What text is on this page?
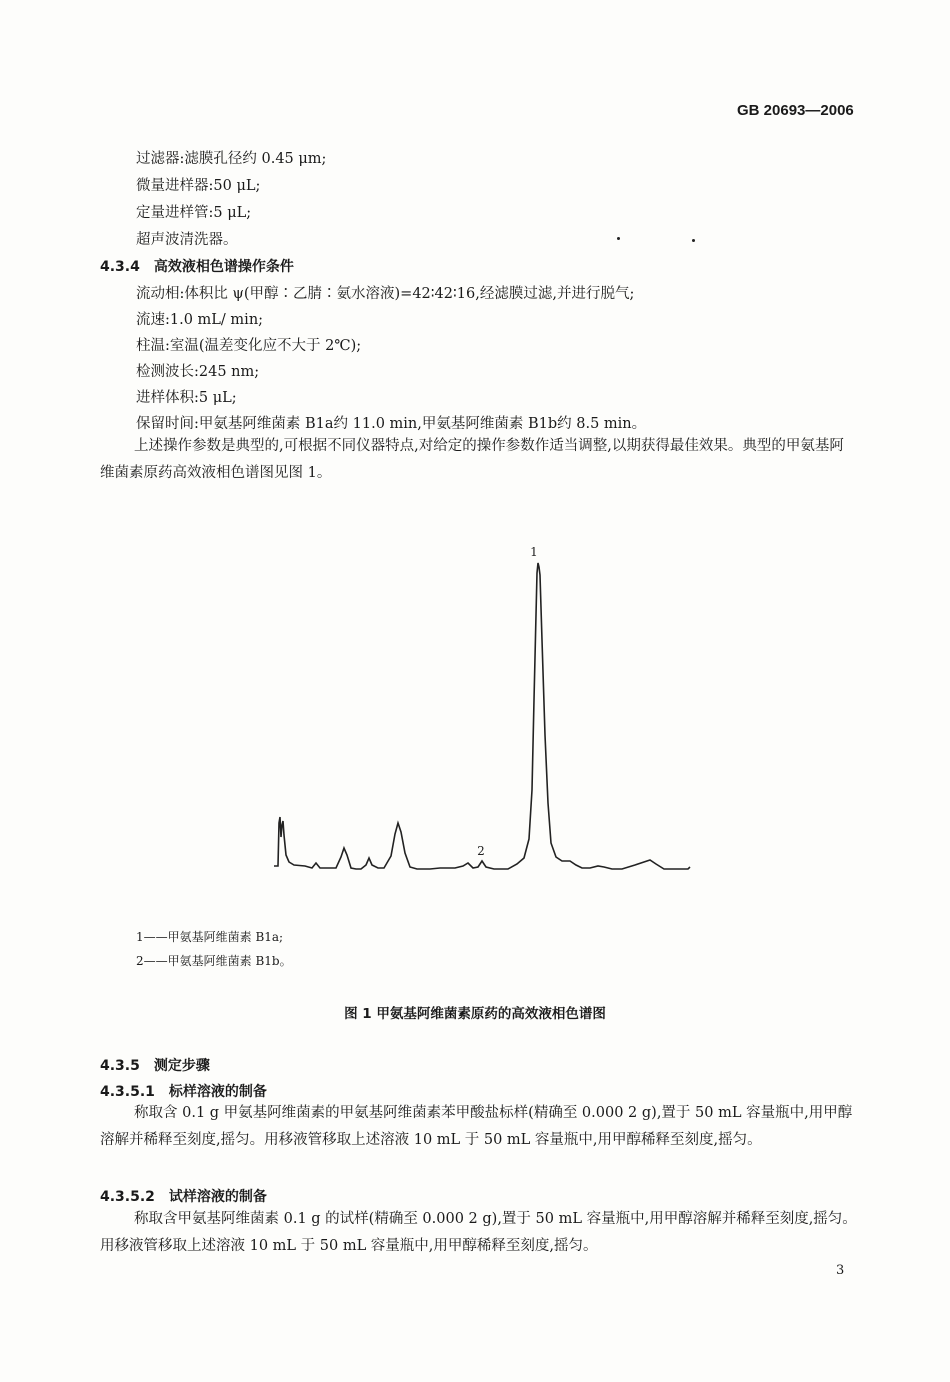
GB 20693—2006
过滤器:滤膜孔径约 0.45 μm;
微量进样器:50 μL;
定量进样管:5 μL;
超声波清洗器。
4.3.4 高效液相色谱操作条件
流动相:体积比 ψ(甲醇∶乙腈∶氨水溶液)=42∶42∶16,经滤膜过滤,并进行脱气;
流速:1.0 mL/ min;
柱温:室温(温差变化应不大于 2℃);
检测波长:245 nm;
进样体积:5 μL;
保留时间:甲氨基阿维菌素 B1a约 11.0 min,甲氨基阿维菌素 B1b约 8.5 min。
上述操作参数是典型的,可根据不同仪器特点,对给定的操作参数作适当调整,以期获得最佳效果。典型的甲氨基阿维菌素原药高效液相色谱图见图 1。
1
2
1——甲氨基阿维菌素 B1a;
2——甲氨基阿维菌素 B1b。
图 1 甲氨基阿维菌素原药的高效液相色谱图
4.3.5 测定步骤
4.3.5.1 标样溶液的制备
称取含 0.1 g 甲氨基阿维菌素的甲氨基阿维菌素苯甲酸盐标样(精确至 0.000 2 g),置于 50 mL 容量瓶中,用甲醇溶解并稀释至刻度,摇匀。用移液管移取上述溶液 10 mL 于 50 mL 容量瓶中,用甲醇稀释至刻度,摇匀。
4.3.5.2 试样溶液的制备
称取含甲氨基阿维菌素 0.1 g 的试样(精确至 0.000 2 g),置于 50 mL 容量瓶中,用甲醇溶解并稀释至刻度,摇匀。用移液管移取上述溶液 10 mL 于 50 mL 容量瓶中,用甲醇稀释至刻度,摇匀。
3
